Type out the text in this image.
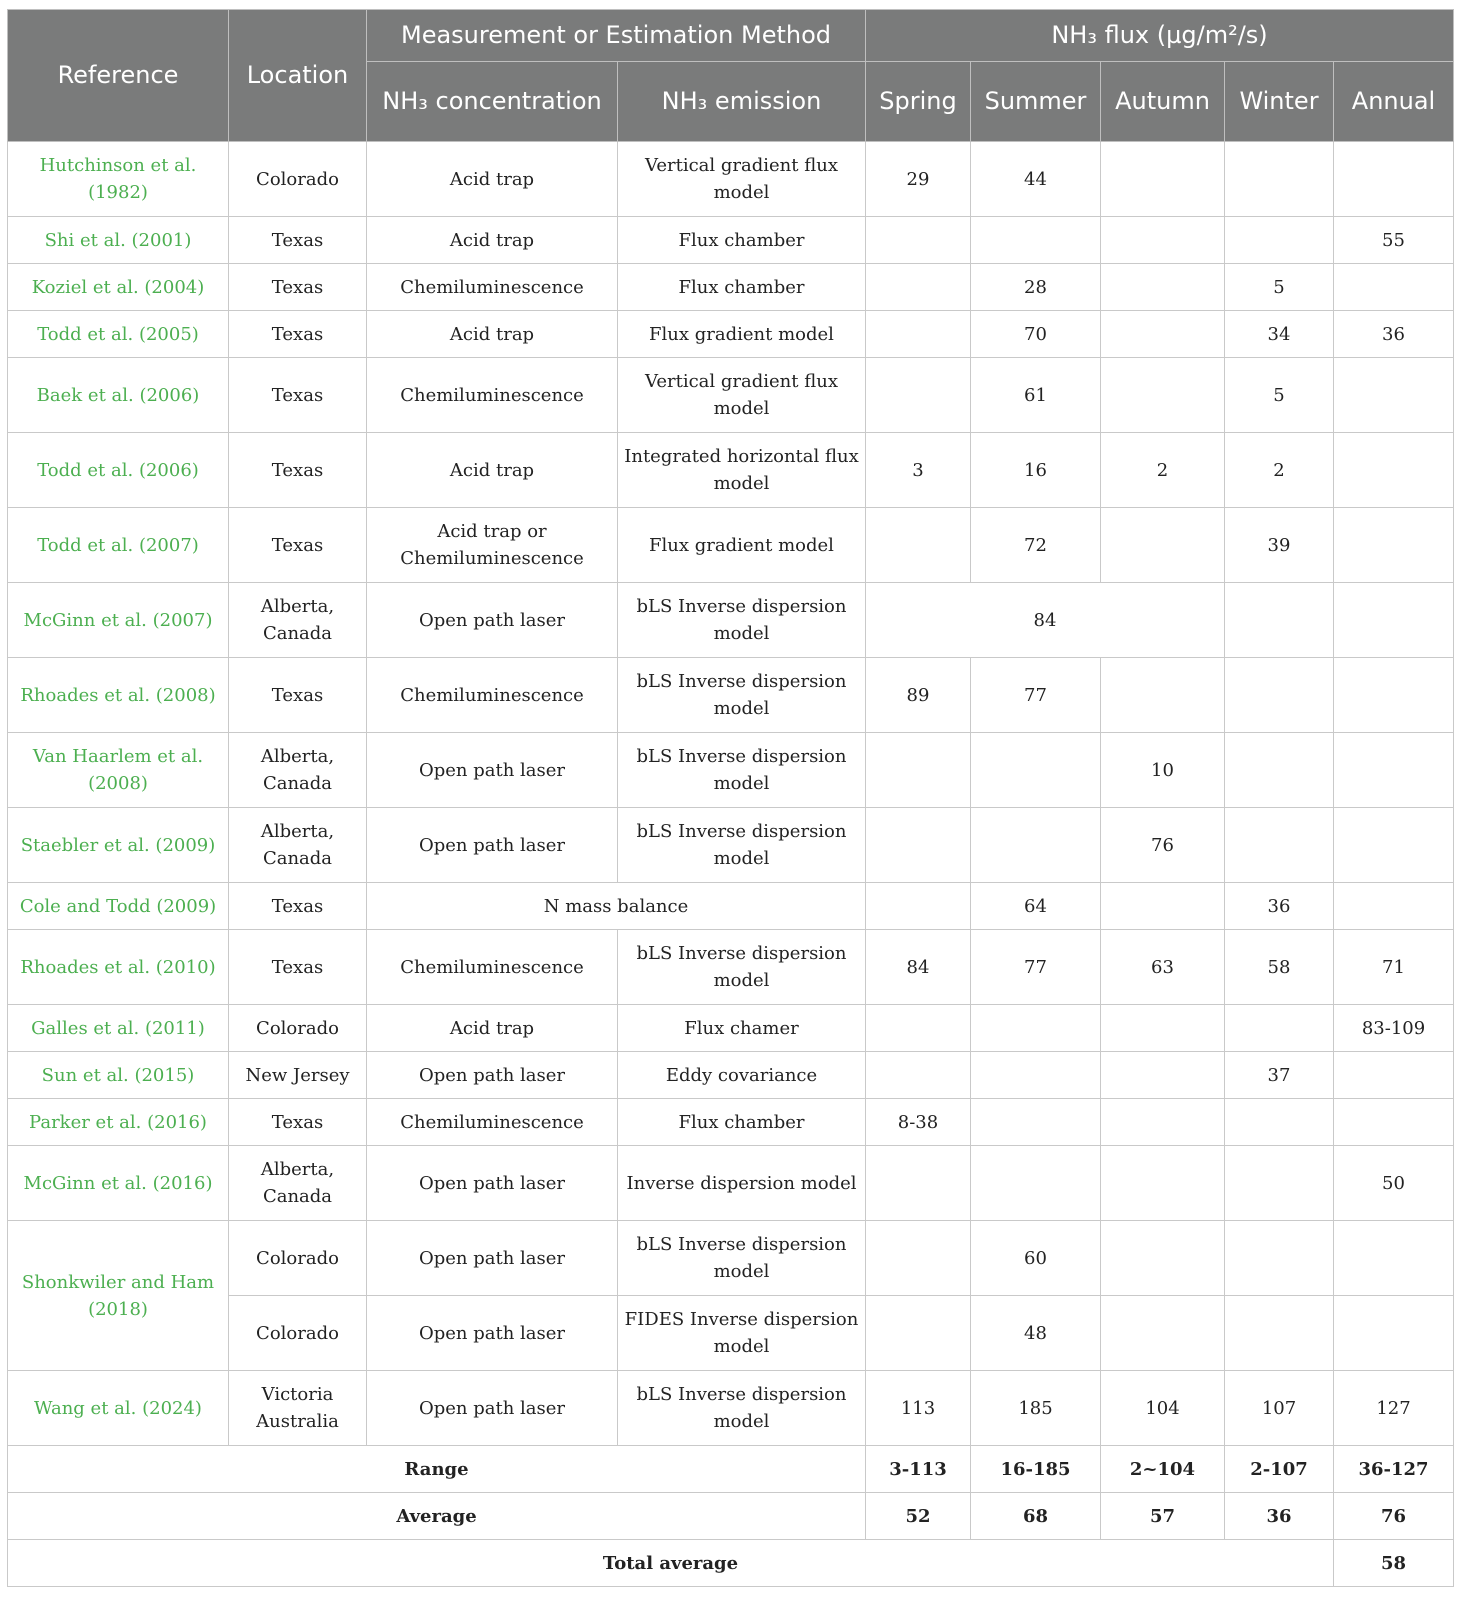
Reference	Location	Measurement or Estimation Method		NH₃ flux (µg/m²/s)				
		NH₃ concentration	NH₃ emission	Spring	Summer	Autumn	Winter	Annual
Hutchinson et al. (1982)	Colorado	Acid trap	Vertical gradient flux model	29	44			
Shi et al. (2001)	Texas	Acid trap	Flux chamber					55
Koziel et al. (2004)	Texas	Chemiluminescence	Flux chamber		28		5	
Todd et al. (2005)	Texas	Acid trap	Flux gradient model		70		34	36
Baek et al. (2006)	Texas	Chemiluminescence	Vertical gradient flux model		61		5	
Todd et al. (2006)	Texas	Acid trap	Integrated horizontal flux model	3	16	2	2	
Todd et al. (2007)	Texas	Acid trap or Chemiluminescence	Flux gradient model		72		39	
McGinn et al. (2007)	Alberta, Canada	Open path laser	bLS Inverse dispersion model	84				
Rhoades et al. (2008)	Texas	Chemiluminescence	bLS Inverse dispersion model	89	77			
Van Haarlem et al. (2008)	Alberta, Canada	Open path laser	bLS Inverse dispersion model			10		
Staebler et al. (2009)	Alberta, Canada	Open path laser	bLS Inverse dispersion model			76		
Cole and Todd (2009)	Texas	N mass balance			64		36	
Rhoades et al. (2010)	Texas	Chemiluminescence	bLS Inverse dispersion model	84	77	63	58	71
Galles et al. (2011)	Colorado	Acid trap	Flux chamer					83-109
Sun et al. (2015)	New Jersey	Open path laser	Eddy covariance				37	
Parker et al. (2016)	Texas	Chemiluminescence	Flux chamber	8-38				
McGinn et al. (2016)	Alberta, Canada	Open path laser	Inverse dispersion model					50
Shonkwiler and Ham (2018)	Colorado	Open path laser	bLS Inverse dispersion model		60			
	Colorado	Open path laser	FIDES Inverse dispersion model		48			
Wang et al. (2024)	Victoria Australia	Open path laser	bLS Inverse dispersion model	113	185	104	107	127
Range				3-113	16-185	2~104	2-107	36-127
Average				52	68	57	36	76
Total average								58
